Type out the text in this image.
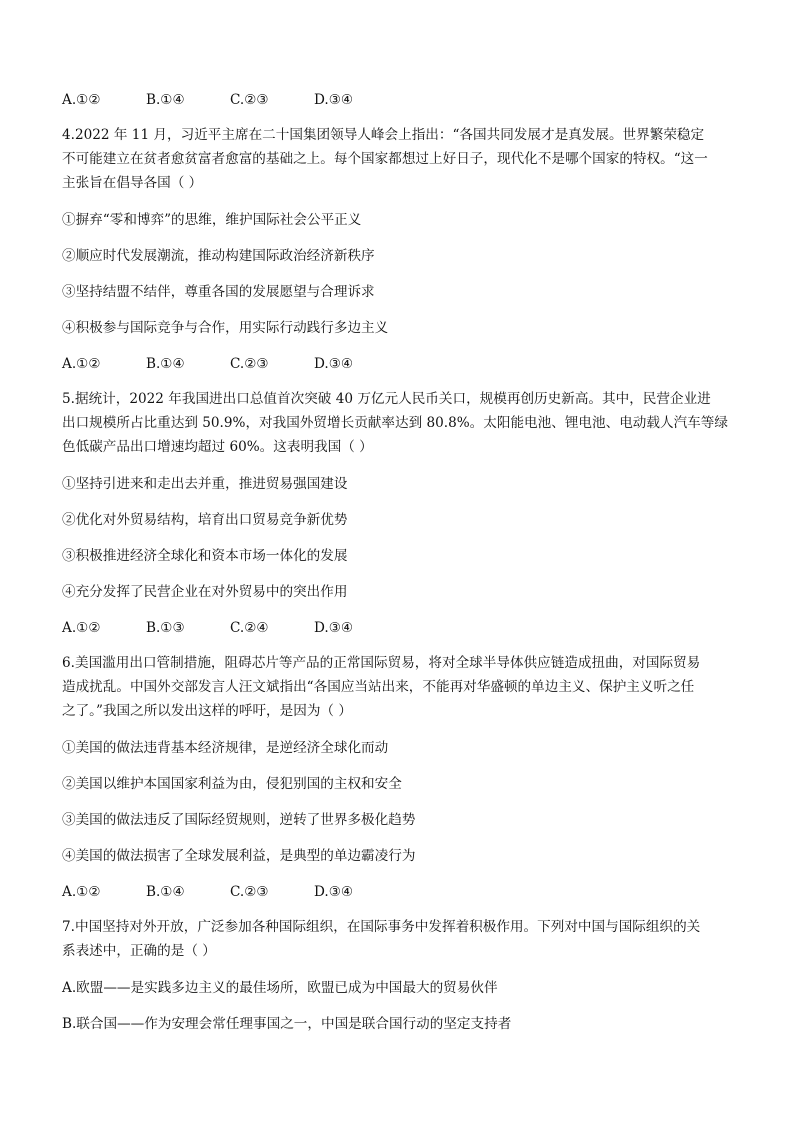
A.①②	B.①④	C.②③	D.③④
4.2022 年 11 月，习近平主席在二十国集团领导人峰会上指出：“各国共同发展才是真发展。世界繁荣稳定
不可能建立在贫者愈贫富者愈富的基础之上。每个国家都想过上好日子，现代化不是哪个国家的特权。“这一
主张旨在倡导各国（ ）
①摒弃“零和博弈”的思维，维护国际社会公平正义
②顺应时代发展潮流，推动构建国际政治经济新秩序
③坚持结盟不结伴，尊重各国的发展愿望与合理诉求
④积极参与国际竞争与合作，用实际行动践行多边主义
A.①②	B.①④	C.②③	D.③④
5.据统计，2022 年我国进出口总值首次突破 40 万亿元人民币关口，规模再创历史新高。其中，民营企业进
出口规模所占比重达到 50.9%，对我国外贸增长贡献率达到 80.8%。太阳能电池、锂电池、电动载人汽车等绿
色低碳产品出口增速均超过 60%。这表明我国（ ）
①坚持引进来和走出去并重，推进贸易强国建设
②优化对外贸易结构，培育出口贸易竞争新优势
③积极推进经济全球化和资本市场一体化的发展
④充分发挥了民营企业在对外贸易中的突出作用
A.①②	B.①③	C.②④	D.③④
6.美国滥用出口管制措施，阻碍芯片等产品的正常国际贸易，将对全球半导体供应链造成扭曲，对国际贸易
造成扰乱。中国外交部发言人汪文斌指出“各国应当站出来，不能再对华盛顿的单边主义、保护主义听之任
之了。”我国之所以发出这样的呼吁，是因为（ ）
①美国的做法违背基本经济规律，是逆经济全球化而动
②美国以维护本国国家利益为由，侵犯别国的主权和安全
③美国的做法违反了国际经贸规则，逆转了世界多极化趋势
④美国的做法损害了全球发展利益，是典型的单边霸凌行为
A.①②	B.①④	C.②③	D.③④
7.中国坚持对外开放，广泛参加各种国际组织，在国际事务中发挥着积极作用。下列对中国与国际组织的关
系表述中，正确的是（ ）
A.欧盟——是实践多边主义的最佳场所，欧盟已成为中国最大的贸易伙伴
B.联合国——作为安理会常任理事国之一，中国是联合国行动的坚定支持者
